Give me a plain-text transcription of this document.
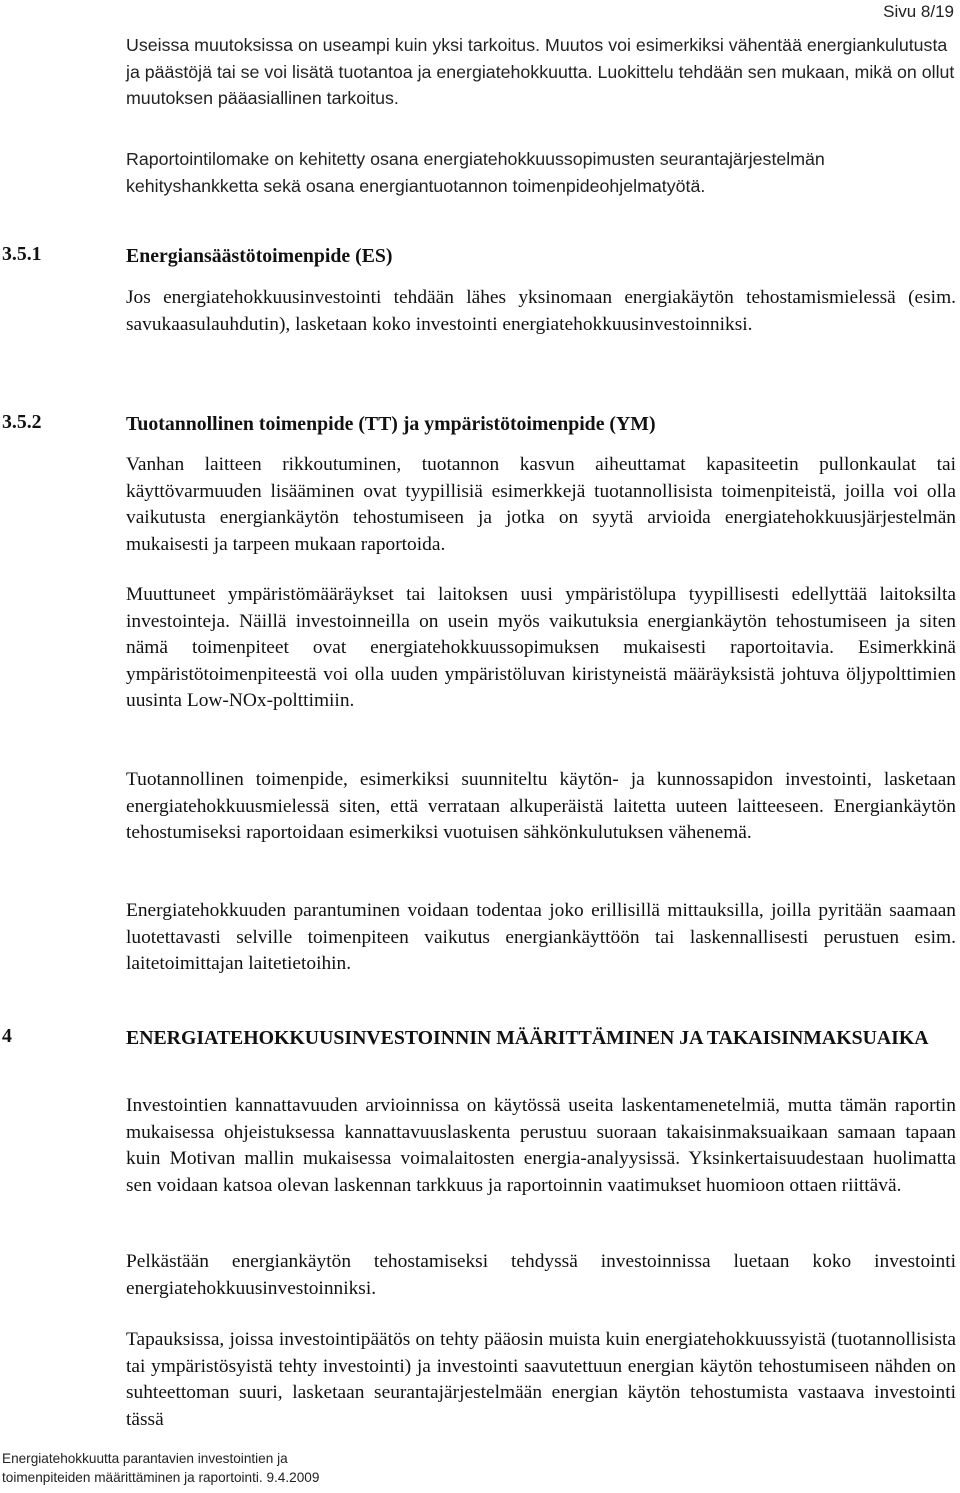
Sivu 8/19

Useissa muutoksissa on useampi kuin yksi tarkoitus. Muutos voi esimerkiksi vähentää energiankulutusta ja päästöjä tai se voi lisätä tuotantoa ja energiatehokkuutta. Luokittelu tehdään sen mukaan, mikä on ollut muutoksen pääasiallinen tarkoitus.

Raportointilomake on kehitetty osana energiatehokkuussopimusten seurantajärjestelmän kehityshankketta sekä osana energiantuotannon toimenpideohjelmatyötä.

3.5.1	Energiansäästötoimenpide (ES)

Jos energiatehokkuusinvestointi tehdään lähes yksinomaan energiakäytön tehostamismielessä (esim. savukaasulauhdutin), lasketaan koko investointi energiatehokkuusinvestoinniksi.

3.5.2	Tuotannollinen toimenpide (TT) ja ympäristötoimenpide (YM)

Vanhan laitteen rikkoutuminen, tuotannon kasvun aiheuttamat kapasiteetin pullonkaulat tai käyttövarmuuden lisääminen ovat tyypillisiä esimerkkejä tuotannollisista toimenpiteistä, joilla voi olla vaikutusta energiankäytön tehostumiseen ja jotka on syytä arvioida energiatehokkuusjärjestelmän mukaisesti ja tarpeen mukaan raportoida.

Muuttuneet ympäristömääräykset tai laitoksen uusi ympäristölupa tyypillisesti edellyttää laitoksilta investointeja. Näillä investoinneilla on usein myös vaikutuksia energiankäytön tehostumiseen ja siten nämä toimenpiteet ovat energiatehokkuussopimuksen mukaisesti raportoitavia. Esimerkkinä ympäristötoimenpiteestä voi olla uuden ympäristöluvan kiristyneistä määräyksistä johtuva öljypolttimien uusinta Low-NOx-polttimiin.

Tuotannollinen toimenpide, esimerkiksi suunniteltu käytön- ja kunnossapidon investointi, lasketaan energiatehokkuusmielessä siten, että verrataan alkuperäistä laitetta uuteen laitteeseen. Energiankäytön tehostumiseksi raportoidaan esimerkiksi vuotuisen sähkönkulutuksen vähenemä.

Energiatehokkuuden parantuminen voidaan todentaa joko erillisillä mittauksilla, joilla pyritään saamaan luotettavasti selville toimenpiteen vaikutus energiankäyttöön tai laskennallisesti perustuen esim. laitetoimittajan laitetietoihin.

4	ENERGIATEHOKKUUSINVESTOINNIN MÄÄRITTÄMINEN JA TAKAISINMAKSUAIKA

Investointien kannattavuuden arvioinnissa on käytössä useita laskentamenetelmiä, mutta tämän raportin mukaisessa ohjeistuksessa kannattavuuslaskenta perustuu suoraan takaisinmaksuaikaan samaan tapaan kuin Motivan mallin mukaisessa voimalaitosten energia-analyysissä. Yksinkertaisuudestaan huolimatta sen voidaan katsoa olevan laskennan tarkkuus ja raportoinnin vaatimukset huomioon ottaen riittävä.

Pelkästään energiankäytön tehostamiseksi tehdyssä investoinnissa luetaan koko investointi energiatehokkuusinvestoinniksi.

Tapauksissa, joissa investointipäätös on tehty pääosin muista kuin energiatehokkuussyistä (tuotannollisista tai ympäristösyistä tehty investointi) ja investointi saavutettuun energian käytön tehostumiseen nähden on suhteettoman suuri, lasketaan seurantajärjestelmään energian käytön tehostumista vastaava investointi tässä

Energiatehokkuutta parantavien investointien ja
toimenpiteiden määrittäminen ja raportointi. 9.4.2009
